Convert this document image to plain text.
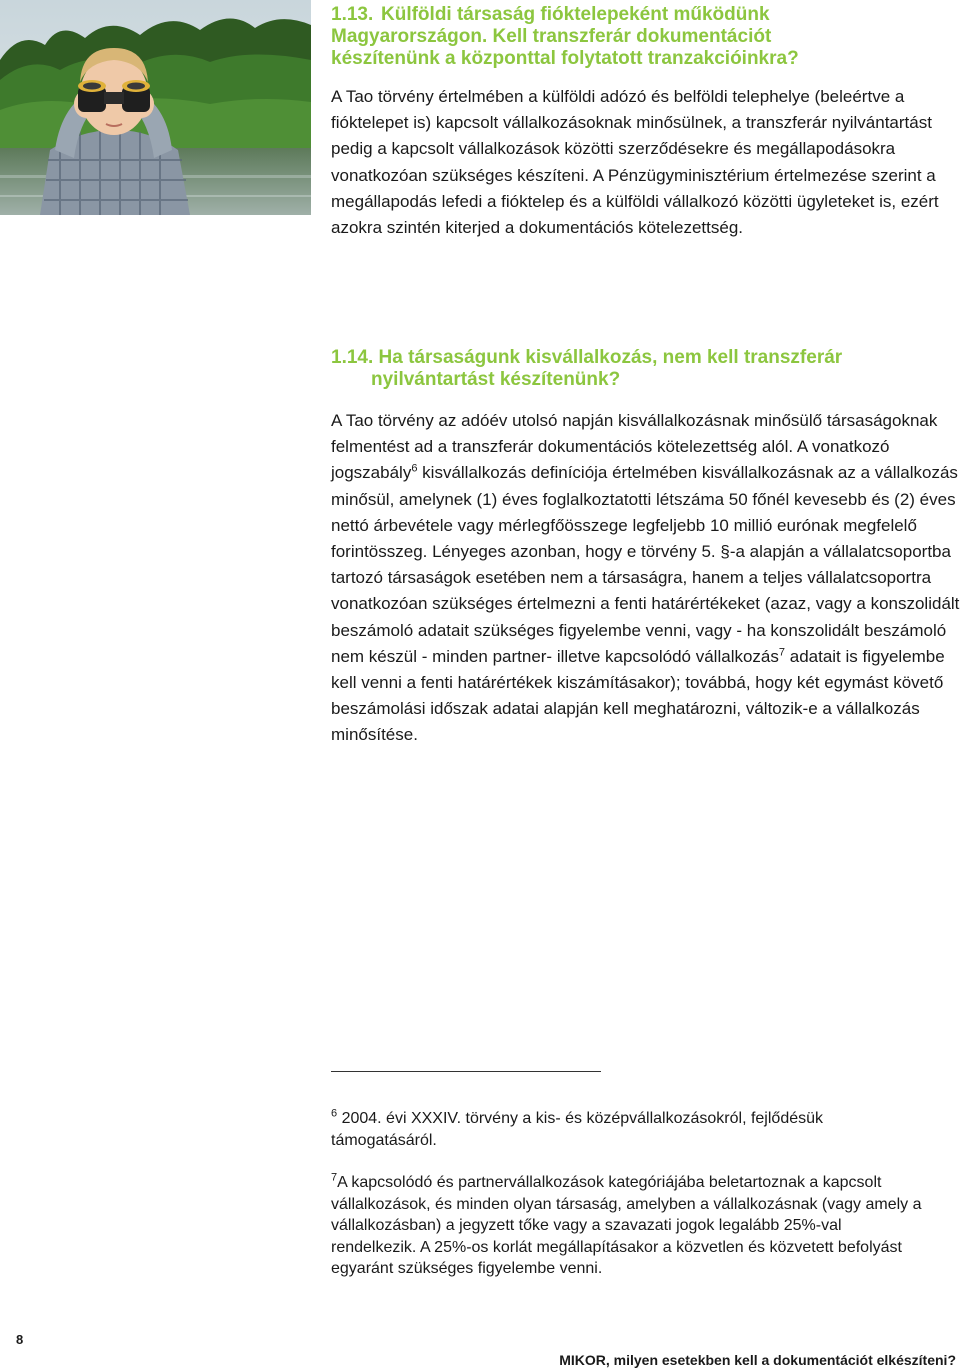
1.13. Külföldi társaság fióktelepeként működünk
Magyarországon. Kell transzferár dokumentációt
készítenünk a központtal folytatott tranzakcióinkra?

A Tao törvény értelmében a külföldi adózó és belföldi telephelye (beleértve a fióktelepet is) kapcsolt vállalkozásoknak minősülnek, a transzferár nyilvántartást pedig a kapcsolt vállalkozások közötti szerződésekre és megállapodásokra vonatkozóan szükséges készíteni. A Pénzügyminisztérium értelmezése szerint a megállapodás lefedi a fióktelep és a külföldi vállalkozó közötti ügyleteket is, ezért azokra szintén kiterjed a dokumentációs kötelezettség.

1.14. Ha társaságunk kisvállalkozás, nem kell transzferár
nyilvántartást készítenünk?

A Tao törvény az adóév utolsó napján kisvállalkozásnak minősülő társaságoknak felmentést ad a transzferár dokumentációs kötelezettség alól. A vonatkozó jogszabály$^6$ kisvállalkozás definíciója értelmében kisvállalkozásnak az a vállalkozás minősül, amelynek (1) éves foglalkoztatotti létszáma 50 főnél kevesebb és (2) éves nettó árbevétele vagy mérlegfőösszege legfeljebb 10 millió eurónak megfelelő forintösszeg. Lényeges azonban, hogy e törvény 5. §-a alapján a vállalatcsoportba tartozó társaságok esetében nem a társaságra, hanem a teljes vállalatcsoportra vonatkozóan szükséges értelmezni a fenti határértékeket (azaz, vagy a konszolidált beszámoló adatait szükséges figyelembe venni, vagy - ha konszolidált beszámoló nem készül - minden partner- illetve kapcsolódó vállalkozás$^7$ adatait is figyelembe kell venni a fenti határértékek kiszámításakor); továbbá, hogy két egymást követő beszámolási időszak adatai alapján kell meghatározni, változik-e a vállalkozás minősítése.

$^6$ 2004. évi XXXIV. törvény a kis- és középvállalkozásokról, fejlődésük támogatásáról.

$^7$A kapcsolódó és partnervállalkozások kategóriájába beletartoznak a kapcsolt vállalkozások, és minden olyan társaság, amelyben a vállalkozásnak (vagy amely a vállalkozásban) a jegyzett tőke vagy a szavazati jogok legalább 25%-val rendelkezik. A 25%-os korlát megállapításakor a közvetlen és közvetett befolyást egyaránt szükséges figyelembe venni.

8
MIKOR, milyen esetekben kell a dokumentációt elkészíteni?
